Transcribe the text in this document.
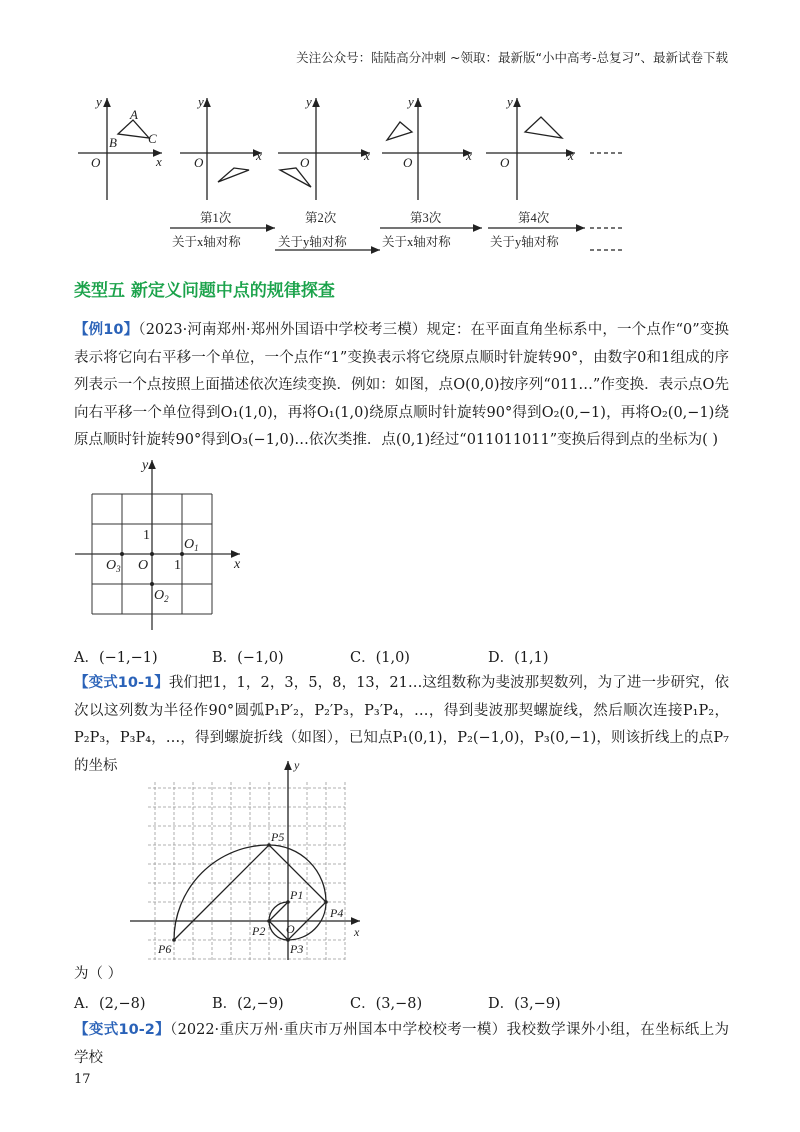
关注公众号：陆陆高分冲刺 ~领取：最新版“小中高考-总复习”、最新试卷下载
y
x
O
A
B C
y
x
O
y
x
O
y
x
O
y
x
O
第1次
关于x轴对称
第2次
关于y轴对称
第3次
关于x轴对称
第4次
关于y轴对称
类型五 新定义问题中点的规律探查
【例10】（2023·河南郑州·郑州外国语中学校考三模）规定：在平面直角坐标系中，一个点作“0”变换表示将它向右平移一个单位，一个点作“1”变换表示将它绕原点顺时针旋转90°，由数字0和1组成的序列表示一个点按照上面描述依次连续变换．例如：如图，点O(0,0)按序列“011…”作变换．表示点O先向右平移一个单位得到O₁(1,0)，再将O₁(1,0)绕原点顺时针旋转90°得到O₂(0,−1)，再将O₂(0,−1)绕原点顺时针旋转90°得到O₃(−1,0)…依次类推．点(0,1)经过“011011011”变换后得到点的坐标为( )
y
x
O
1
1
$O_1$
$O_2$
$O_3$
A．(−1,−1)	B．(−1,0)	C．(1,0)	D．(1,1)
【变式10-1】我们把1，1，2，3，5，8，13，21…这组数称为斐波那契数列，为了进一步研究，依次以这列数为半径作90°圆弧P₁P′₂，P₂′P₃，P₃′P₄，…，得到斐波那契螺旋线，然后顺次连接P₁P₂，P₂P₃，P₃P₄，…，得到螺旋折线（如图），已知点P₁(0,1)，P₂(−1,0)，P₃(0,−1)，则该折线上的点P₇的坐标	y
x
O
P1
P2
P3
P4
P5
P6
为（ ）
A．(2,−8)	B．(2,−9)	C．(3,−8)	D．(3,−9)
【变式10-2】（2022·重庆万州·重庆市万州国本中学校校考一模）我校数学课外小组，在坐标纸上为学校
17
